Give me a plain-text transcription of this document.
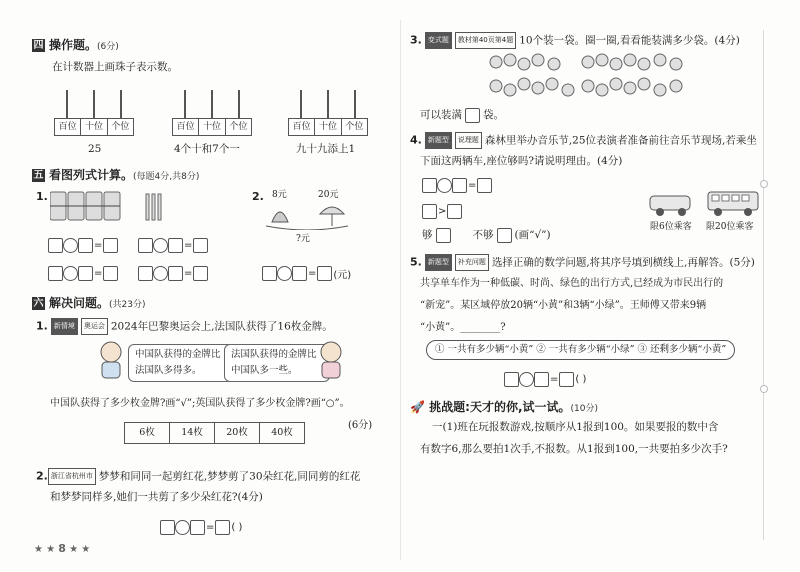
四 操作题。(6分)
在计数器上画珠子表示数。
百位 十位 个位	百位 十位 个位	百位 十位 个位
25	4个十和7个一	九十九添上1
五 看图列式计算。(每题4分,共8分)
1.	2. 8元	20元
?元
=	=
=	=	= (元)
六 解决问题。(共23分)
1. 新情境 奥运会 2024年巴黎奥运会上,法国队获得了16枚金牌。
中国队获得的金牌比法国队多得多。
法国队获得的金牌比中国队多一些。
中国队获得了多少枚金牌?画“√”;英国队获得了多少枚金牌?画“○”。
6枚	14枚	20枚	40枚
(6分)
2. 浙江省杭州市 梦梦和同同一起剪红花,梦梦剪了30朵红花,同同剪的红花
和梦梦同样多,她们一共剪了多少朵红花?(4分)
= ( )
★ ★ 8 ★ ★
3. 变式题 教材第40页第4题 10个装一袋。圈一圈,看看能装满多少袋。(4分)
可以装满 袋。
4. 新题型 说理题 森林里举办音乐节,25位表演者准备前往音乐节现场,若乘坐
下面这两辆车,座位够吗?请说明理由。(4分)
=
>
够	不够 (画“√”)
限6位乘客 限20位乘客
5. 新题型 补充问题 选择正确的数学问题,将其序号填到横线上,再解答。(5分)
共享单车作为一种低碳、时尚、绿色的出行方式,已经成为市民出行的
“新宠”。某区域停放20辆“小黄”和3辆“小绿”。王师傅又带来9辆
“小黄”。________?
① 一共有多少辆“小黄” ② 一共有多少辆“小绿” ③ 还剩多少辆“小黄”
= ( )
🚀 挑战题:天才的你,试一试。(10分)
一(1)班在玩报数游戏,按顺序从1报到100。如果要报的数中含
有数字6,那么要拍1次手,不报数。从1报到100,一共要拍多少次手?
